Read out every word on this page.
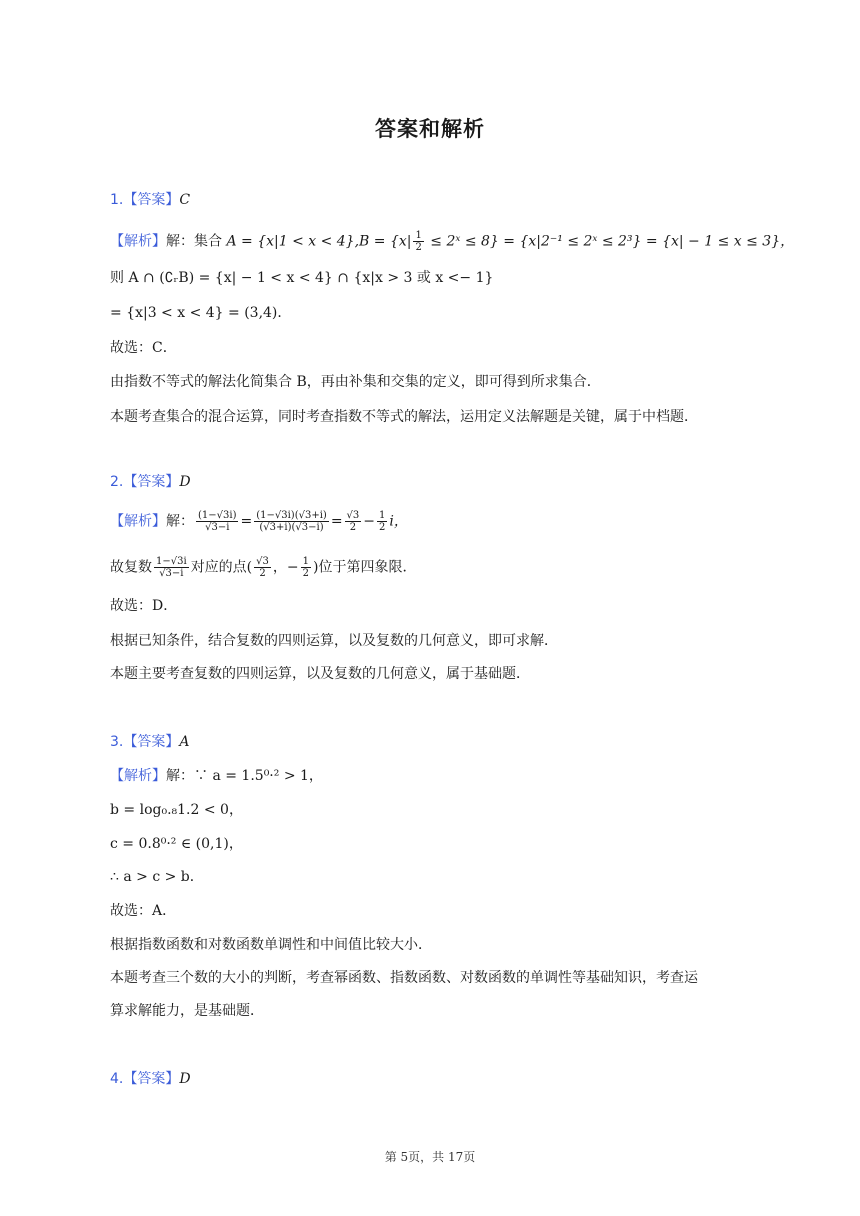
答案和解析
1.【答案】C
【解析】解：集合 $A = \{x|1 < x < 4\},B = \{x| \frac{1}{2}$ ≤ 2ˣ ≤ 8} = {x|2⁻¹ ≤ 2ˣ ≤ 2³} = {x| − 1 ≤ x ≤ 3}，
则 A ∩ (∁ᵣB) = {x| − 1 < x < 4} ∩ {x|x > 3 或 x <− 1}
= {x|3 < x < 4} = (3,4)．
故选：C．
由指数不等式的解法化简集合 B，再由补集和交集的定义，即可得到所求集合．
本题考查集合的混合运算，同时考查指数不等式的解法，运用定义法解题是关键，属于中档题．
2.【答案】D
【解析】解： $\frac{(1-√3i)}{√3-i} = \frac{(1-√3i)(√3+i)}{(√3+i)(√3-i)} = \frac{√3}{2} - \frac{1}{2}$ i，
故复数 $\frac{1-√3i}{√3-i}$ 对应的点( $\frac{√3}{2}$ ，− $\frac{1}{2}$ )位于第四象限．
故选：D．
根据已知条件，结合复数的四则运算，以及复数的几何意义，即可求解．
本题主要考查复数的四则运算，以及复数的几何意义，属于基础题．
3.【答案】A
【解析】解：∵ a = 1.5⁰·² > 1，
b = log₀.₈1.2 < 0，
c = 0.8⁰·² ∈ (0,1)，
∴ a > c > b．
故选：A．
根据指数函数和对数函数单调性和中间值比较大小．
本题考查三个数的大小的判断，考查幂函数、指数函数、对数函数的单调性等基础知识，考查运
算求解能力，是基础题．
4.【答案】D
第 5页，共 17页
